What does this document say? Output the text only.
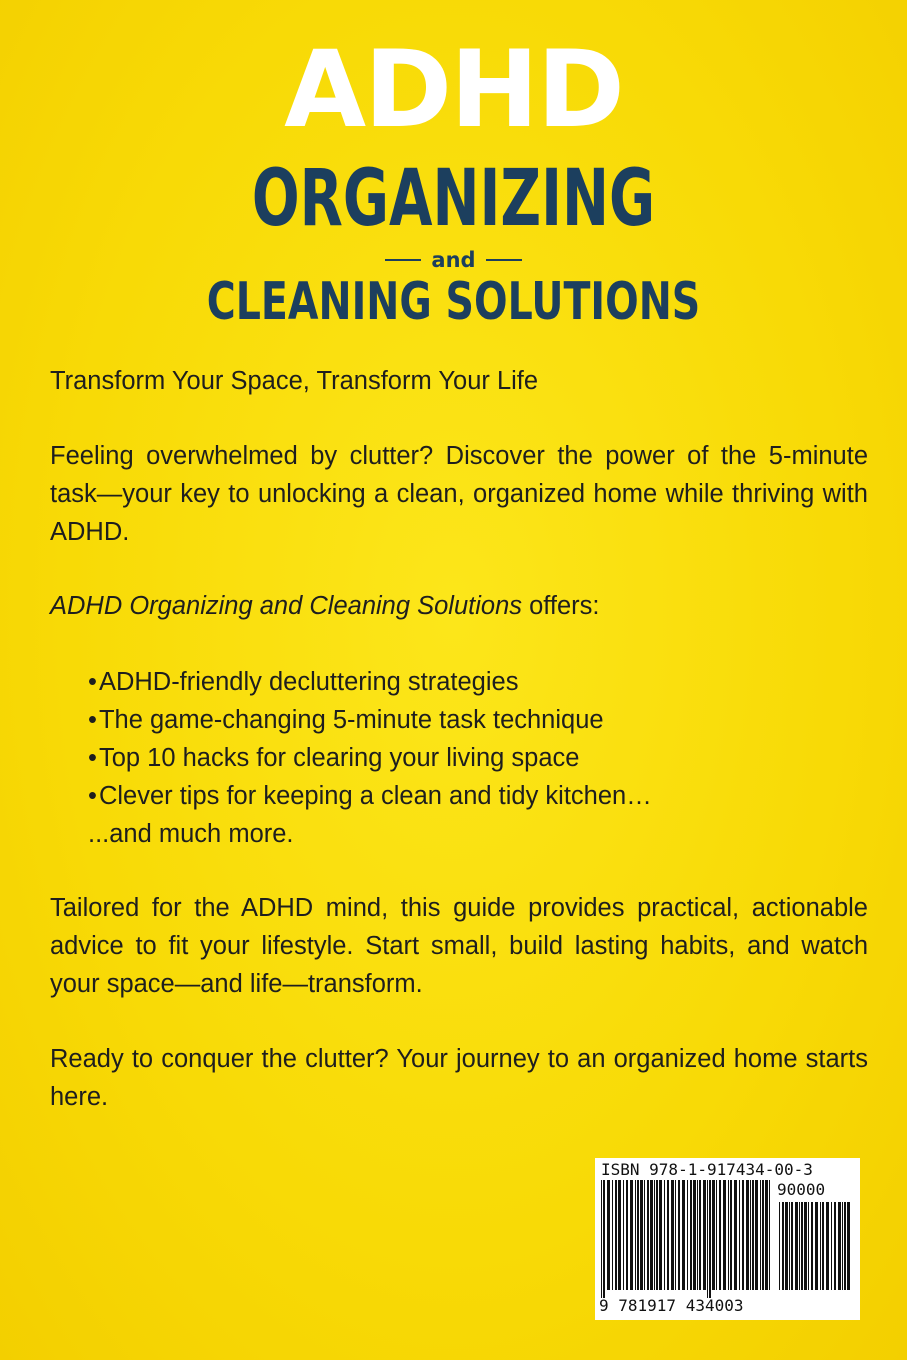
ADHD
ORGANIZING
and
CLEANING SOLUTIONS

Transform Your Space, Transform Your Life

Feeling overwhelmed by clutter? Discover the power of the 5-minute task—your key to unlocking a clean, organized home while thriving with ADHD.

ADHD Organizing and Cleaning Solutions offers:

• ADHD-friendly decluttering strategies
• The game-changing 5-minute task technique
• Top 10 hacks for clearing your living space
• Clever tips for keeping a clean and tidy kitchen…
...and much more.

Tailored for the ADHD mind, this guide provides practical, actionable advice to fit your lifestyle. Start small, build lasting habits, and watch your space—and life—transform.

Ready to conquer the clutter? Your journey to an organized home starts here.

ISBN 978-1-917434-00-3
90000
9 781917 434003
